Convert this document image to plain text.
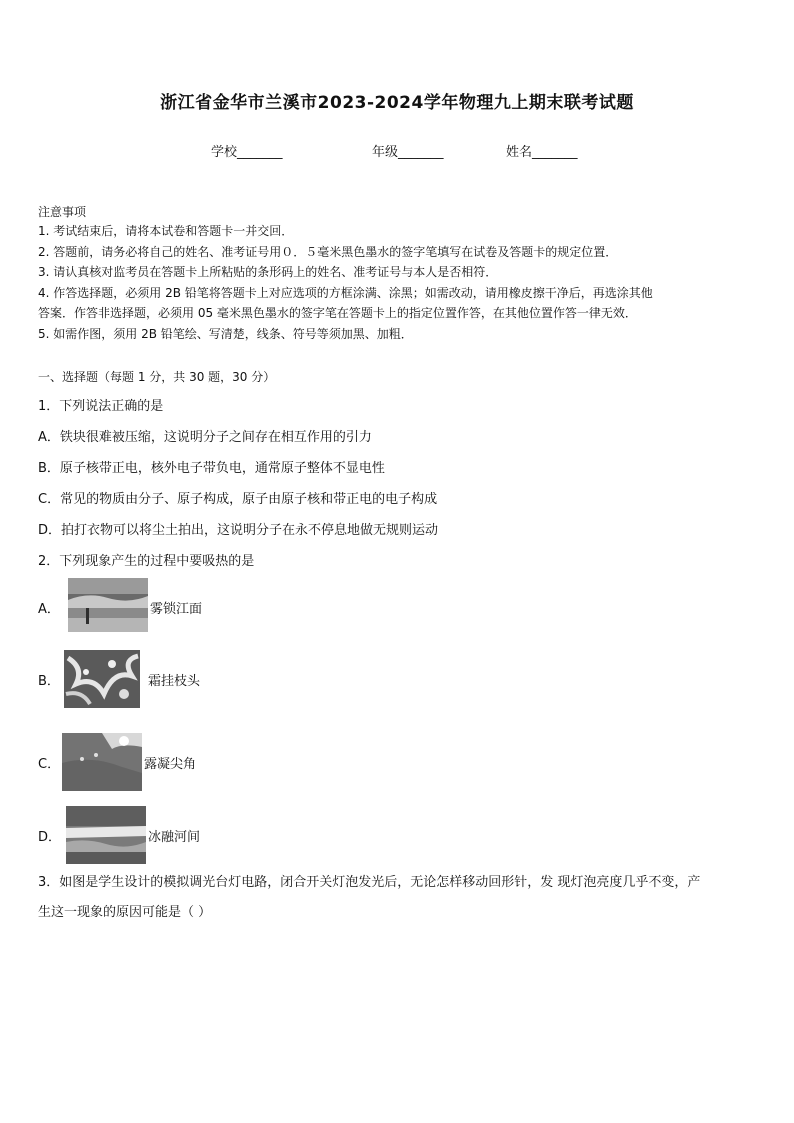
浙江省金华市兰溪市2023-2024学年物理九上期末联考试题
学校_______	年级_______	姓名_______
注意事项
1. 考试结束后，请将本试卷和答题卡一并交回．
2. 答题前，请务必将自己的姓名、准考证号用０．５毫米黑色墨水的签字笔填写在试卷及答题卡的规定位置．
3. 请认真核对监考员在答题卡上所粘贴的条形码上的姓名、准考证号与本人是否相符．
4. 作答选择题，必须用 2B 铅笔将答题卡上对应选项的方框涂满、涂黑；如需改动，请用橡皮擦干净后，再选涂其他
答案．作答非选择题，必须用 05 毫米黑色墨水的签字笔在答题卡上的指定位置作答，在其他位置作答一律无效．
5. 如需作图，须用 2B 铅笔绘、写清楚，线条、符号等须加黑、加粗．
一、选择题（每题 1 分，共 30 题，30 分）
1．下列说法正确的是
A．铁块很难被压缩，这说明分子之间存在相互作用的引力
B．原子核带正电，核外电子带负电，通常原子整体不显电性
C．常见的物质由分子、原子构成，原子由原子核和带正电的电子构成
D．拍打衣物可以将尘土拍出，这说明分子在永不停息地做无规则运动
2．下列现象产生的过程中要吸热的是
A．	雾锁江面
B．	霜挂枝头
C．	露凝尖角
D．	冰融河间
3．如图是学生设计的模拟调光台灯电路，闭合开关灯泡发光后，无论怎样移动回形针，发 现灯泡亮度几乎不变，产
生这一现象的原因可能是（ ）
